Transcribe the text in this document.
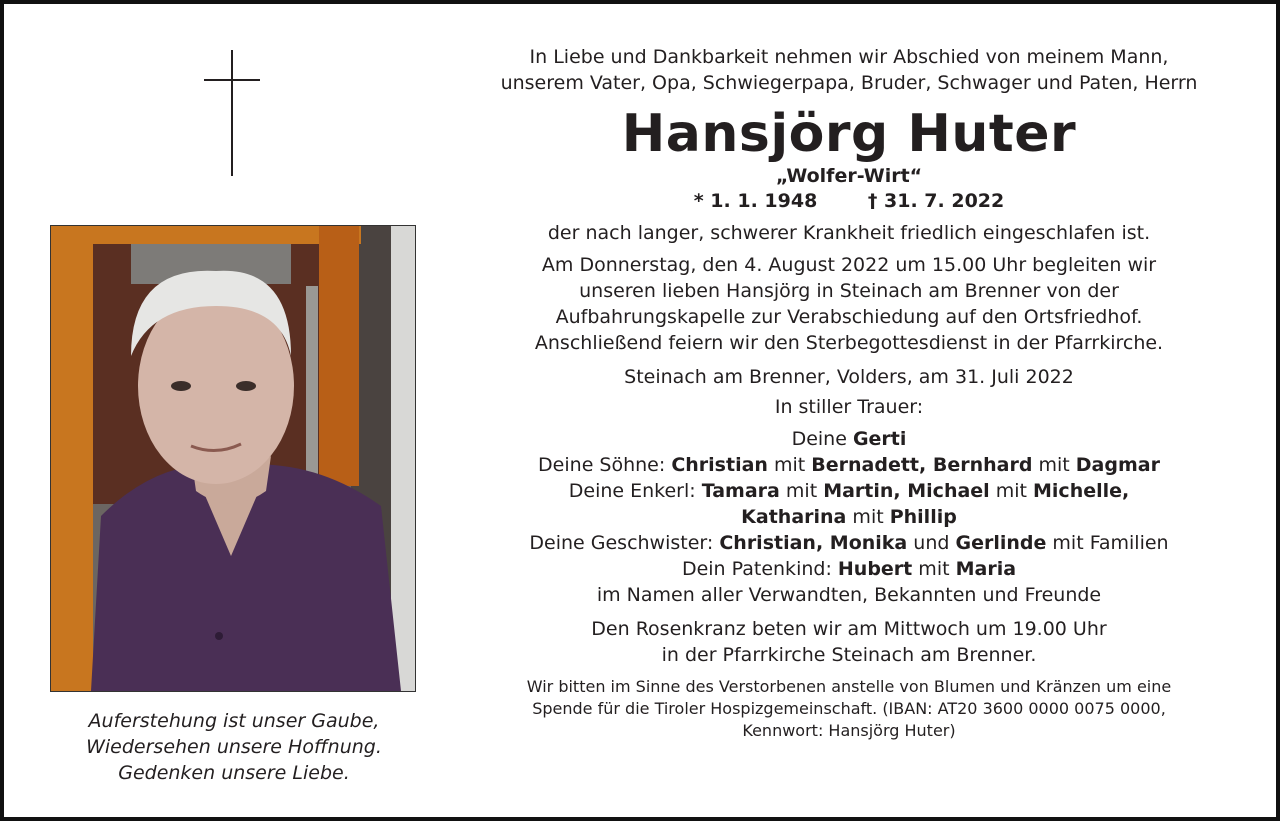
Auferstehung ist unser Gaube,
Wiedersehen unsere Hoffnung.
Gedenken unsere Liebe.
In Liebe und Dankbarkeit nehmen wir Abschied von meinem Mann,
unserem Vater, Opa, Schwiegerpapa, Bruder, Schwager und Paten, Herrn
Hansjörg Huter
„Wolfer-Wirt“
* 1. 1. 1948	† 31. 7. 2022
der nach langer, schwerer Krankheit friedlich eingeschlafen ist.
Am Donnerstag, den 4. August 2022 um 15.00 Uhr begleiten wir
unseren lieben Hansjörg in Steinach am Brenner von der
Aufbahrungskapelle zur Verabschiedung auf den Ortsfriedhof.
Anschließend feiern wir den Sterbegottesdienst in der Pfarrkirche.
Steinach am Brenner, Volders, am 31. Juli 2022
In stiller Trauer:
Deine Gerti
Deine Söhne: Christian mit Bernadett, Bernhard mit Dagmar
Deine Enkerl: Tamara mit Martin, Michael mit Michelle,
Katharina mit Phillip
Deine Geschwister: Christian, Monika und Gerlinde mit Familien
Dein Patenkind: Hubert mit Maria
im Namen aller Verwandten, Bekannten und Freunde
Den Rosenkranz beten wir am Mittwoch um 19.00 Uhr
in der Pfarrkirche Steinach am Brenner.
Wir bitten im Sinne des Verstorbenen anstelle von Blumen und Kränzen um eine
Spende für die Tiroler Hospizgemeinschaft. (IBAN: AT20 3600 0000 0075 0000,
Kennwort: Hansjörg Huter)
